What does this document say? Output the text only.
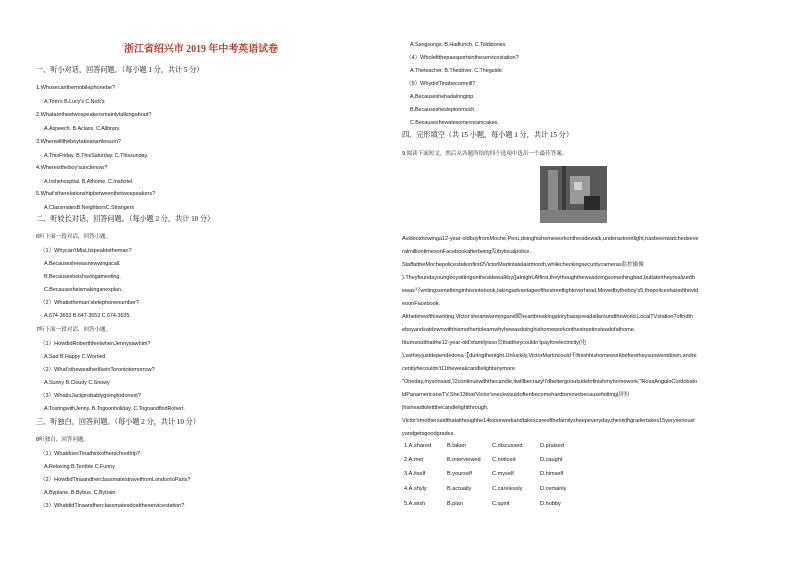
浙江省绍兴市 2019 年中考英语试卷
一、听小对话，回答问题。（每小题 1 分，共计 5 分）
1.Whosecanthemobilephonebe?
A.Tom's B.Lucy's C.Nick's
2.Whataretheetwospeakersmainlytalkingabout?
A.Aspeech. B.Aclass. C.Alibrary.
3.Whenwilltheboytakeanartlesson?
A.ThisFriday. B.ThisSaturday. C.Thissunday.
4.Whereistheboy'sunclenow?
A.Inthehospital. B.Athome. C.Inahotel.
5.What'stherelationshipbetweenthetwospeakers?
A.ClassmatesB.NeighborsC.Strangers
二、听较长对话，回答问题。（每小题 2 分，共计 10 分）
6听下面一段对话，回答小题。
（1）Whycan'tMisLitspeaktotheman?
A.Becauseshewasnewwingacall.
B.Becausesheishavingameeting.
C.Becausesheismakinganexplan.
（2）Whatistheman'stelephonenumber?
A.674-3653 B.647-3653 C.674-3635.
7听下面一段对话，回答小题。
（1）HowdidRoberthfeelwhenJennysawhim?
A.Sad B.Happy C.Worried
（2）What'stheweatherlikeinTorontotomorrow?
A.Sunny B.Cloudy C.Snowy
（3）WhatisJackprobablygoingtodonext?
A.TostingwithJenny. B.Togoonholiday. C.TogoandfindRobert.
三、听独白，回答问题。（每小题 2 分，共计 10 分）
8听独白，回答问题。
（1）WhatdoesTinathinkofherschooltrip?
A.Relaxing B.Terrible C.Funny
（2）HowdidTinaandherclassmatestravelfromLondontoParis?
A.Byplane. B.Bybus. C.Bytrain.
（3）WhatdidTinaandherclassmatesdoattheservicestation?
A.Sangsongs. B.Hadlunch. C.Toldstories.
（4）Wholeftthepassportsintheservicestation?
A.Theteacher. B.Thedriver. C.Theguide.
（5）WhydidTinabecomeill?
A.Becauseshehadalongtrip.
B.Becauseshesleptoomuch.
C.Becauseshewatesomecreamcakes.
四、完形填空（共 15 小题，每小题 1 分，共计 15 分）
9.阅读下面短文，然后从各题所给的四个选项中选出一个最佳答案。
Avideoshowinga12-year-oldboyfromMoche,Peru,doinghishomeworkonthesidewalk,underastreetlight,hasbeenwatchedseve
ralmilliontimesonFacebookafterbeing发ibylocalpolice.
StaffattheMochepolicestationfirst2VictorMartinlatelastmonth,whilecheckingsecuritycameras监控摄像
).Theyfoundayoungboysittingonthesidewalkby(]atnight.Atfirst,theythoughthewasdoingsomethingbad,butlatertheyrealizedh
ewas写writingsomethinginhisnotebook,takingadvantageofthestreetlightoverhead.Movedbytheboy's5,thepolicesharedthevid
eoonFacebook.
Atthetimeofthiswriting,Victor'sheartwarmingand暖heartbreakingstoryhasspreadallaroundtheworld.LocalTVstation7ofindth
eboyandsatdownwithhismothertolearnwhyhewasdoinghishomeworkonthestreetinsteadofathome.
Itturnsoutthatthe12-year-old'sfamilyisso贫thattheycouldn'tpayforelectricity(电
),sotheyjustdependedona【duringthenight.Unluckily,VictorMartincould不finishhishomeworkbeforetheysunwentdown,andre
centlyhecouldn't11theweakcandlelightanymore.
"Oneday,mysonsaid,'I2continuewiththecandle,itwillbecrazy!I'dbettergooutsidetofinishmyhomework,"RosaAnguloCordobato
ldPanamericanaTV.She13that'Victor'sneckwouldoftenbecomehardtomovebecausefsitting|拼扮
|hisheadtolettthecandlelightthrough.
Victor'smothersaidthatalthoughhe14toourworkandtakescareofthefamilysheepeveryday,thesixthgradertakes15veryseriousl
yandgetsgoodgrades.
1.A.shared	B.taken	C.discussed	D.praised
2.A.met	B.interviewed C.noticed	D.caught
3.A.itself	B.yourself	C.myself	D.himself
4.A.shyly	B.actually	C.carelessly	D.certainly
5.A.wish	B.plan	C.spirit	D.hobby
